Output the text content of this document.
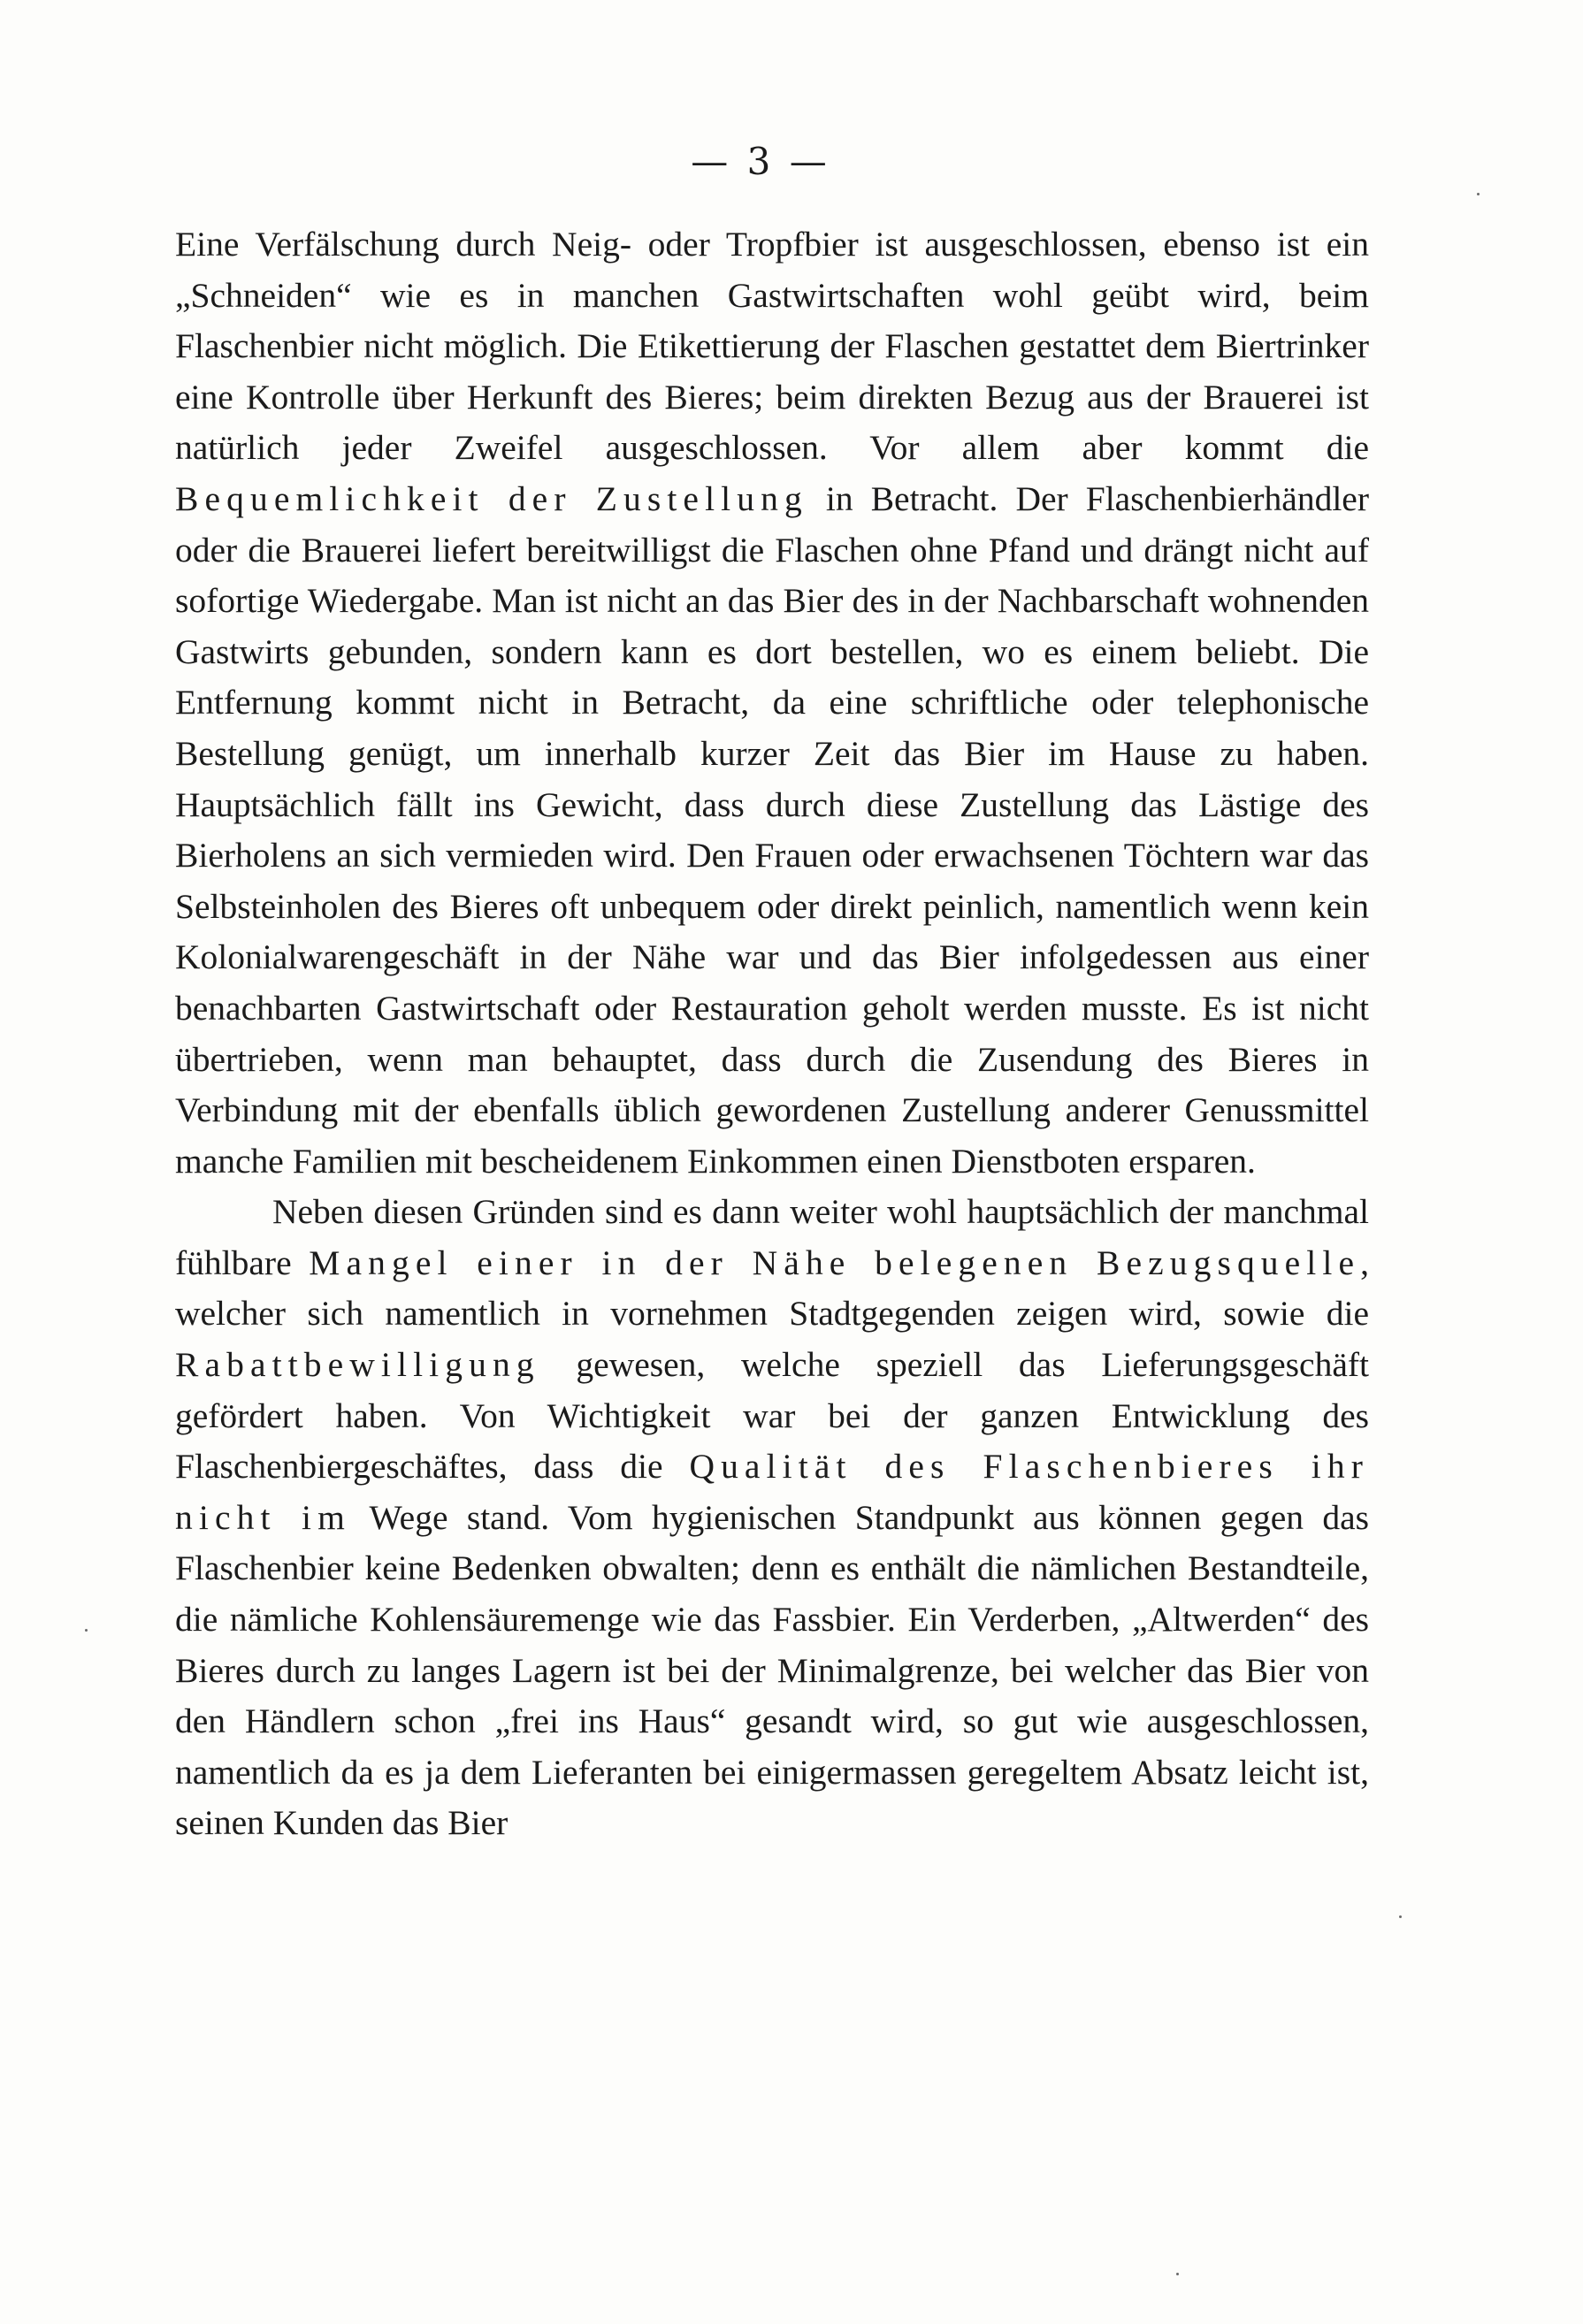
— 3 —

Eine Verfälschung durch Neig- oder Tropfbier ist ausgeschlossen, ebenso ist ein „Schneiden“ wie es in manchen Gastwirtschaften wohl geübt wird, beim Flaschenbier nicht möglich. Die Etikettierung der Flaschen gestattet dem Biertrinker eine Kontrolle über Herkunft des Bieres; beim direkten Bezug aus der Brauerei ist natürlich jeder Zweifel ausgeschlossen. Vor allem aber kommt die Bequemlichkeit der Zustellung in Betracht. Der Flaschenbierhändler oder die Brauerei liefert bereitwilligst die Flaschen ohne Pfand und drängt nicht auf sofortige Wiedergabe. Man ist nicht an das Bier des in der Nachbarschaft wohnenden Gastwirts gebunden, sondern kann es dort bestellen, wo es einem beliebt. Die Entfernung kommt nicht in Betracht, da eine schriftliche oder telephonische Bestellung genügt, um innerhalb kurzer Zeit das Bier im Hause zu haben. Hauptsächlich fällt ins Gewicht, dass durch diese Zustellung das Lästige des Bierholens an sich vermieden wird. Den Frauen oder erwachsenen Töchtern war das Selbsteinholen des Bieres oft unbequem oder direkt peinlich, namentlich wenn kein Kolonialwarengeschäft in der Nähe war und das Bier infolgedessen aus einer benachbarten Gastwirtschaft oder Restauration geholt werden musste. Es ist nicht übertrieben, wenn man behauptet, dass durch die Zusendung des Bieres in Verbindung mit der ebenfalls üblich gewordenen Zustellung anderer Genussmittel manche Familien mit bescheidenem Einkommen einen Dienstboten ersparen.

Neben diesen Gründen sind es dann weiter wohl hauptsächlich der manchmal fühlbare Mangel einer in der Nähe belegenen Bezugsquelle, welcher sich namentlich in vornehmen Stadtgegenden zeigen wird, sowie die Rabattbewilligung gewesen, welche speziell das Lieferungsgeschäft gefördert haben. Von Wichtigkeit war bei der ganzen Entwicklung des Flaschenbiergeschäftes, dass die Qualität des Flaschenbieres ihr nicht im Wege stand. Vom hygienischen Standpunkt aus können gegen das Flaschenbier keine Bedenken obwalten; denn es enthält die nämlichen Bestandteile, die nämliche Kohlensäuremenge wie das Fassbier. Ein Verderben, „Altwerden“ des Bieres durch zu langes Lagern ist bei der Minimalgrenze, bei welcher das Bier von den Händlern schon „frei ins Haus“ gesandt wird, so gut wie ausgeschlossen, namentlich da es ja dem Lieferanten bei einigermassen geregeltem Absatz leicht ist, seinen Kunden das Bier
